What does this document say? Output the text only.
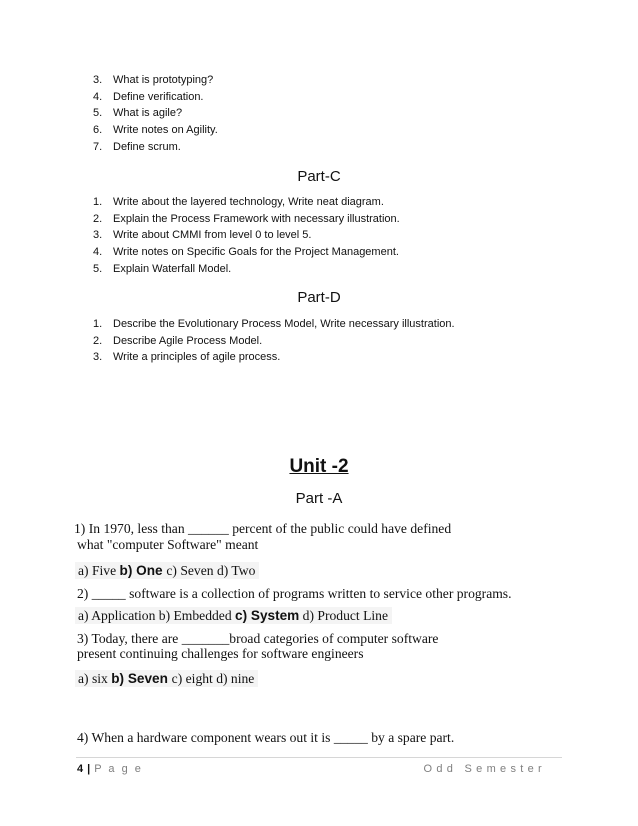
3. What is prototyping?
4. Define verification.
5. What is agile?
6. Write notes on Agility.
7. Define scrum.
Part-C
1. Write about the layered technology, Write neat diagram.
2. Explain the Process Framework with necessary illustration.
3. Write about CMMI from level 0 to level 5.
4. Write notes on Specific Goals for the Project Management.
5. Explain Waterfall Model.
Part-D
1. Describe the Evolutionary Process Model, Write necessary illustration.
2. Describe Agile Process Model.
3. Write a principles of agile process.
Unit -2
Part -A
1) In 1970, less than ______ percent of the public could have defined
what "computer Software" meant
a) Five b) One c) Seven d) Two
2) _____ software is a collection of programs written to service other programs.
a) Application b) Embedded c) System d) Product Line
3) Today, there are _______broad categories of computer software
present continuing challenges for software engineers
a) six b) Seven c) eight d) nine
4) When a hardware component wears out it is _____ by a spare part.
4 | P a g e	Odd Semester
